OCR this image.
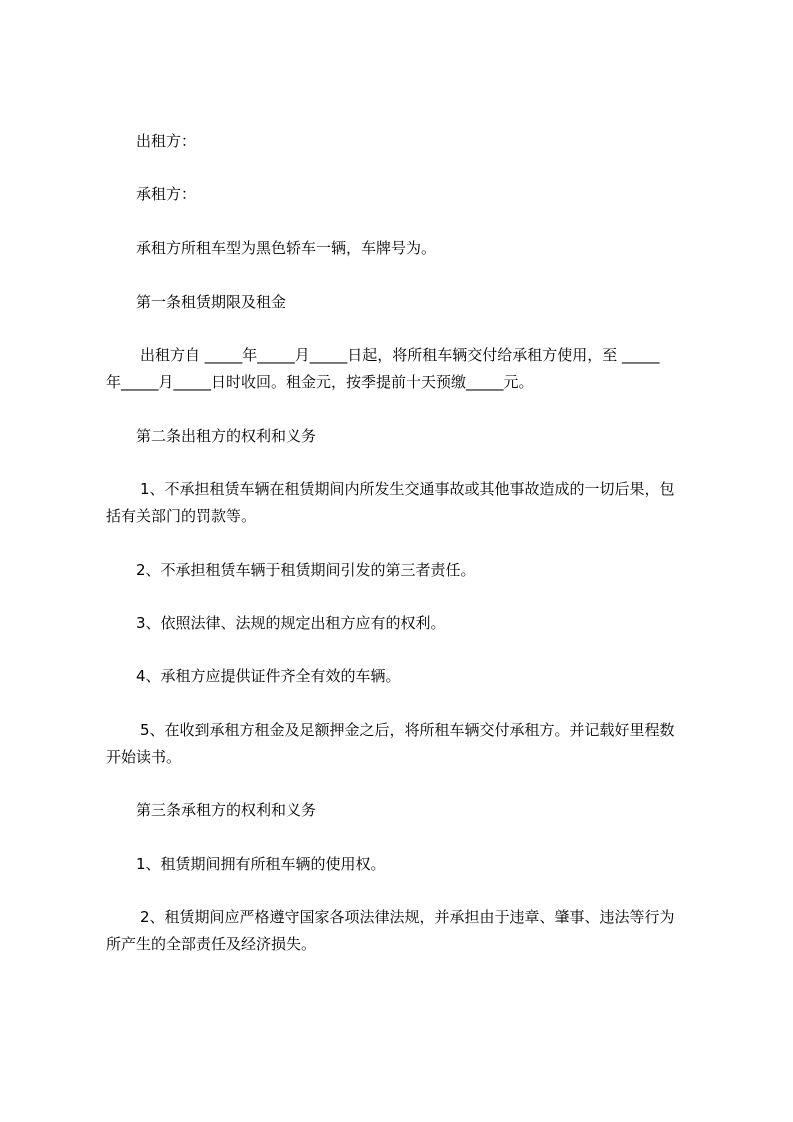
出租方：

承租方：

承租方所租车型为黑色轿车一辆，车牌号为。

第一条租赁期限及租金

出租方自 _____年_____月_____日起，将所租车辆交付给承租方使用，至 _____

年_____月_____日时收回。租金元，按季提前十天预缴_____元。

第二条出租方的权利和义务

1、不承担租赁车辆在租赁期间内所发生交通事故或其他事故造成的一切后果，包

括有关部门的罚款等。

2、不承担租赁车辆于租赁期间引发的第三者责任。

3、依照法律、法规的规定出租方应有的权利。

4、承租方应提供证件齐全有效的车辆。

5、在收到承租方租金及足额押金之后，将所租车辆交付承租方。并记载好里程数

开始读书。

第三条承租方的权利和义务

1、租赁期间拥有所租车辆的使用权。

2、租赁期间应严格遵守国家各项法律法规，并承担由于违章、肇事、违法等行为

所产生的全部责任及经济损失。
